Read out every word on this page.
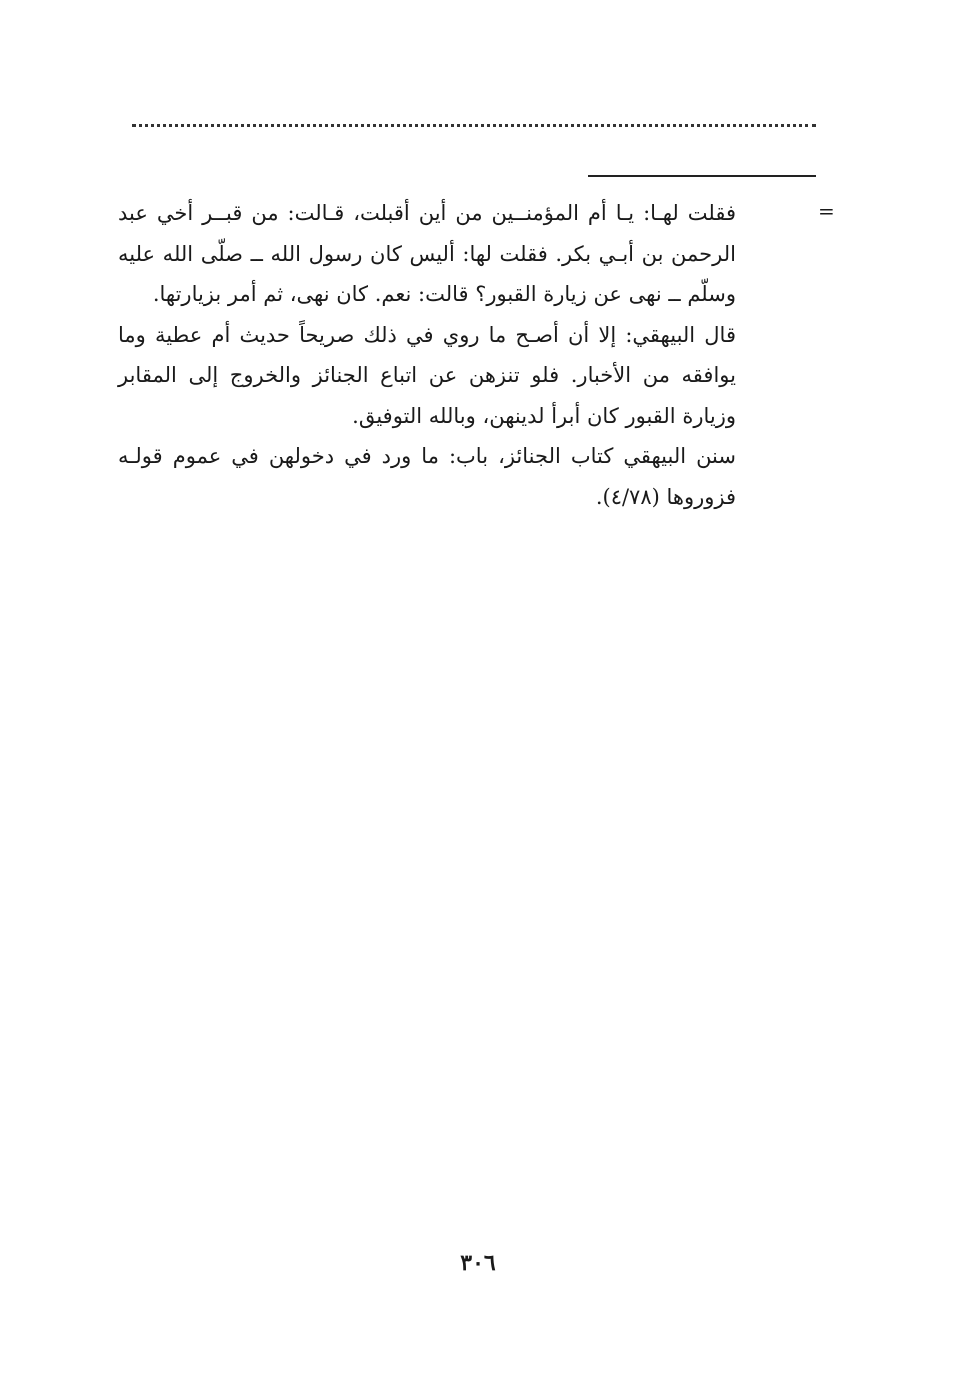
=

فقلت لهـا: يـا أم المؤمنــين من أين أقبلت، قـالت: من قبــر أخي عبد الرحمن بن أبـي بكر. فقلت لها: أليس كان رسول الله ــ صلّى الله عليه وسلّم ــ نهى عن زيارة القبور؟ قالت: نعم. كان نهى، ثم أمر بزيارتها.

قال البيهقي: إلا أن أصـح ما روي في ذلك صريحاً حديث أم عطية وما يوافقه من الأخبار. فلو تنزهن عن اتباع الجنائز والخروج إلى المقابر وزيارة القبور كان أبرأ لدينهن، وبالله التوفيق.

سنن البيهقي كتاب الجنائز، باب: ما ورد في دخولهن في عموم قولـه فزوروها (٤/٧٨).

٣٠٦
